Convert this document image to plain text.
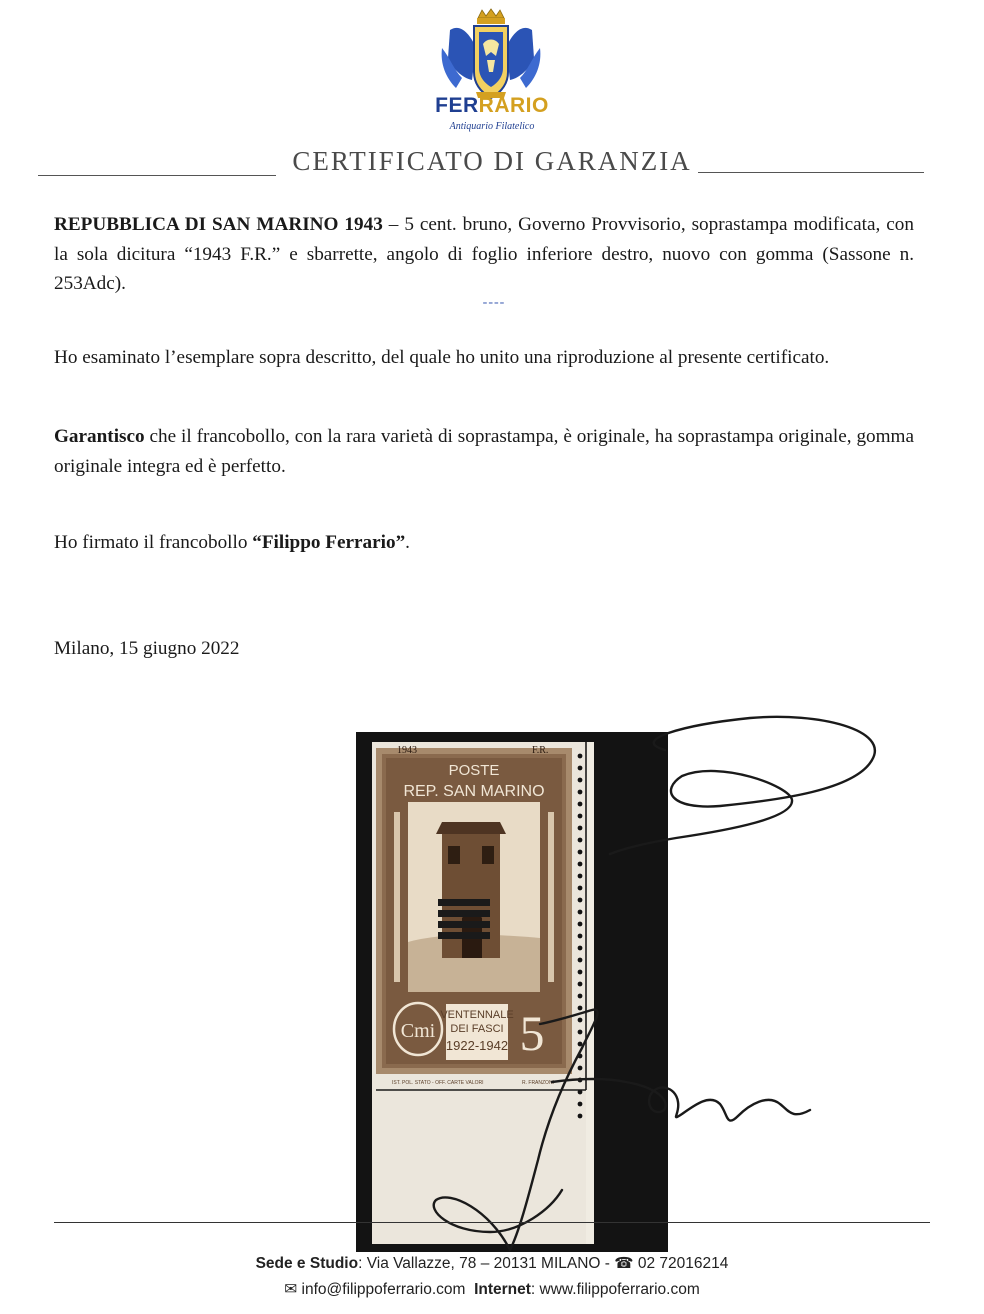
FERRARIO
Antiquario Filatelico
CERTIFICATO DI GARANZIA
REPUBBLICA DI SAN MARINO 1943 – 5 cent. bruno, Governo Provvisorio, soprastampa modificata, con la sola dicitura “1943 F.R.” e sbarrette, angolo di foglio inferiore destro, nuovo con gomma (Sassone n. 253Adc).
----
Ho esaminato l’esemplare sopra descritto, del quale ho unito una riproduzione al presente certificato.
Garantisco che il francobollo, con la rara varietà di soprastampa, è originale, ha soprastampa originale, gomma originale integra ed è perfetto.
Ho firmato il francobollo “Filippo Ferrario”.
Milano, 15 giugno 2022
1943	F.R.
POSTE
REP. SAN MARINO
Cmi 5
VENTENNALE
DEI FASCI
1922-1942
IST. POL. STATO - OFF. CARTE VALORI	R. FRANZONI
Sede e Studio: Via Vallazze, 78 – 20131 MILANO - ☎ 02 72016214
✉ info@filippoferrario.com Internet: www.filippoferrario.com
